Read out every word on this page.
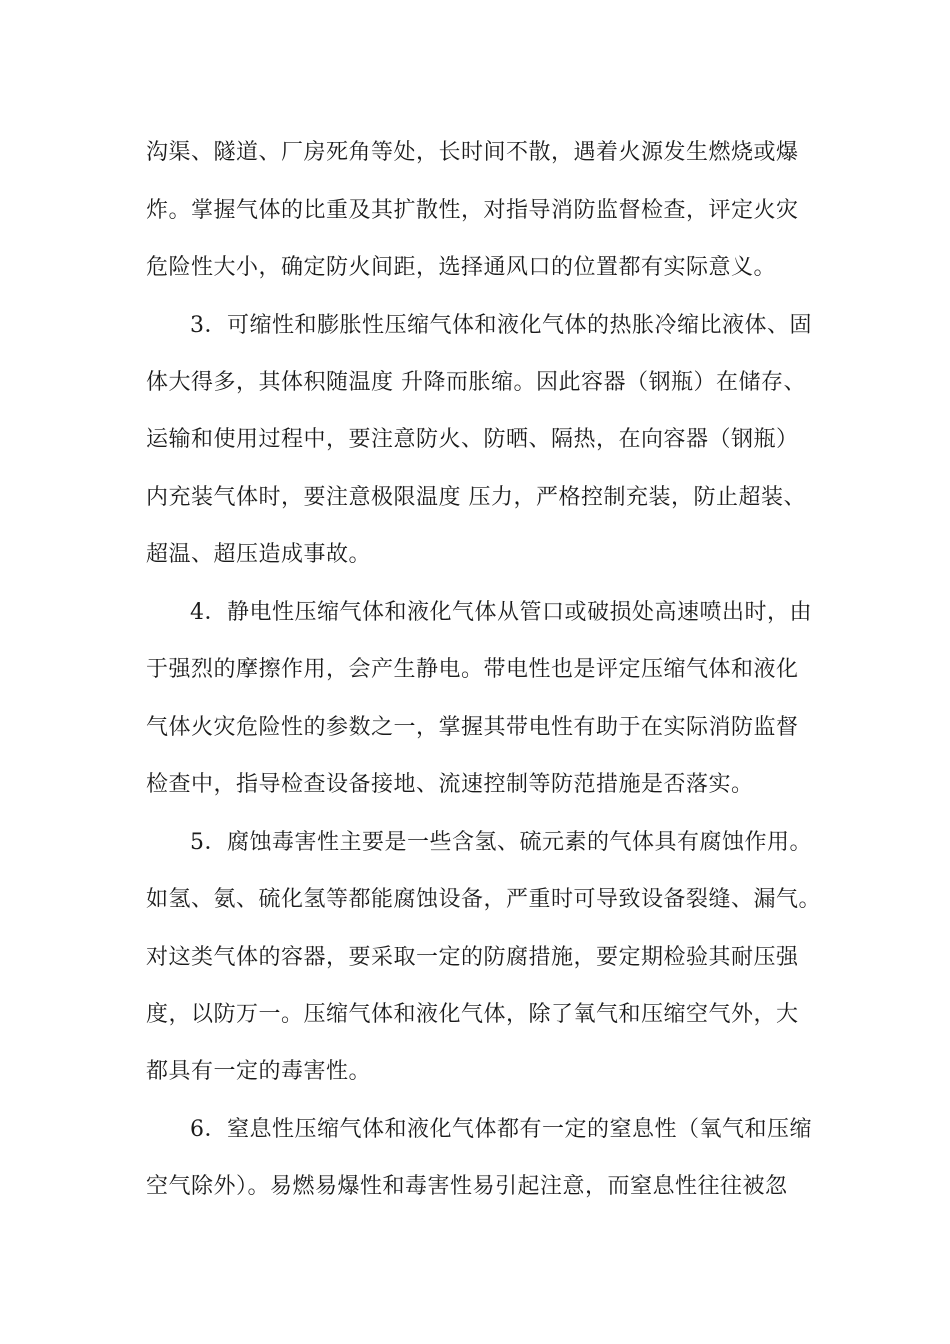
沟渠、隧道、厂房死角等处，长时间不散，遇着火源发生燃烧或爆
炸。掌握气体的比重及其扩散性，对指导消防监督检查，评定火灾
危险性大小，确定防火间距，选择通风口的位置都有实际意义。
3．可缩性和膨胀性压缩气体和液化气体的热胀冷缩比液体、固
体大得多，其体积随温度 升降而胀缩。因此容器（钢瓶）在储存、
运输和使用过程中，要注意防火、防晒、隔热，在向容器（钢瓶）
内充装气体时，要注意极限温度 压力，严格控制充装，防止超装、
超温、超压造成事故。
4．静电性压缩气体和液化气体从管口或破损处高速喷出时，由
于强烈的摩擦作用，会产生静电。带电性也是评定压缩气体和液化
气体火灾危险性的参数之一，掌握其带电性有助于在实际消防监督
检查中，指导检查设备接地、流速控制等防范措施是否落实。
5．腐蚀毒害性主要是一些含氢、硫元素的气体具有腐蚀作用。
如氢、氨、硫化氢等都能腐蚀设备，严重时可导致设备裂缝、漏气。
对这类气体的容器，要采取一定的防腐措施，要定期检验其耐压强
度，以防万一。压缩气体和液化气体，除了氧气和压缩空气外，大
都具有一定的毒害性。
6．窒息性压缩气体和液化气体都有一定的窒息性（氧气和压缩
空气除外）。易燃易爆性和毒害性易引起注意，而窒息性往往被忽
